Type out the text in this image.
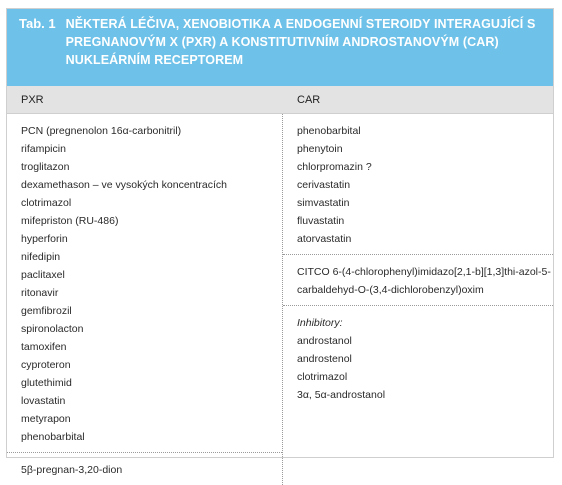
Tab. 1 NĚKTERÁ LÉČIVA, XENOBIOTIKA A ENDOGENNÍ STEROIDY INTERAGUJÍCÍ S PREGNANOVÝM X (PXR) A KONSTITUTIVNÍM ANDROSTANOVÝM (CAR) NUKLEÁRNÍM RECEPTOREM
PXR	CAR
PCN (pregnenolon 16α-carbonitril)
rifampicin
troglitazon
dexamethason – ve vysokých koncentracích
clotrimazol
mifepriston (RU-486)
hyperforin
nifedipin
paclitaxel
ritonavir
gemfibrozil
spironolacton
tamoxifen
cyproteron
glutethimid
lovastatin
metyrapon
phenobarbital
5β-pregnan-3,20-dion
phenobarbital
phenytoin
chlorpromazin ?
cerivastatin
simvastatin
fluvastatin
atorvastatin
CITCO 6-(4-chlorophenyl)imidazo[2,1-b][1,3]thi-azol-5-carbaldehyd-O-(3,4-dichlorobenzyl)oxim
Inhibitory:
androstanol
androstenol
clotrimazol
3α, 5α-androstanol
